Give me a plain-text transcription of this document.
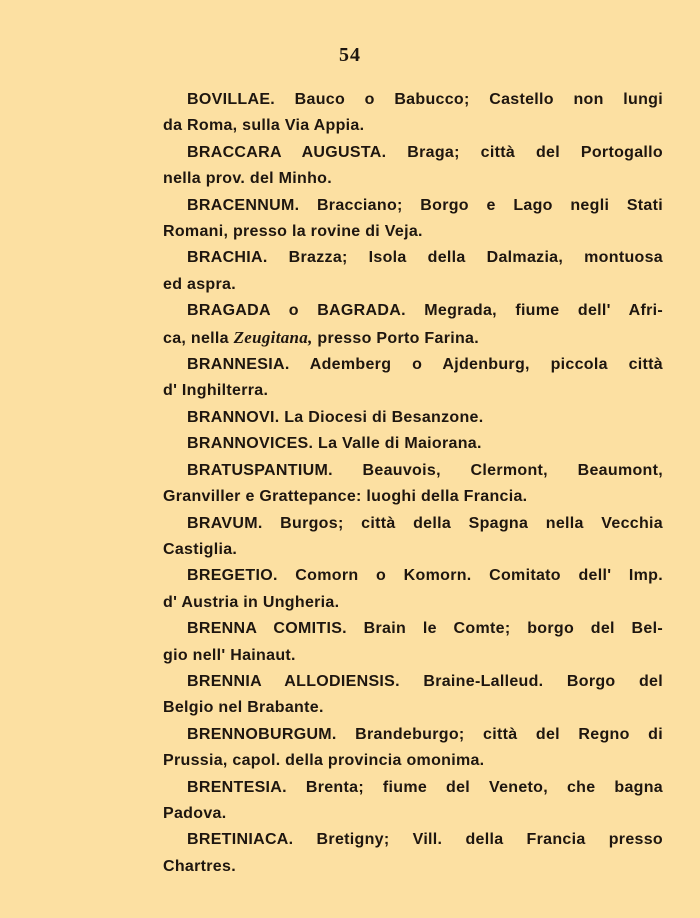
54

BOVILLAE. Bauco o Babucco; Castello non lungi
da Roma, sulla Via Appia.

BRACCARA AUGUSTA. Braga; città del Portogallo
nella prov. del Minho.

BRACENNUM. Bracciano; Borgo e Lago negli Stati
Romani, presso la rovine di Veja.

BRACHIA. Brazza; Isola della Dalmazia, montuosa
ed aspra.

BRAGADA o BAGRADA. Megrada, fiume dell' Afri-
ca, nella Zeugitana, presso Porto Farina.

BRANNESIA. Ademberg o Ajdenburg, piccola città
d' Inghilterra.

BRANNOVI. La Diocesi di Besanzone.

BRANNOVICES. La Valle di Maiorana.

BRATUSPANTIUM. Beauvois, Clermont, Beaumont,
Granviller e Grattepance: luoghi della Francia.

BRAVUM. Burgos; città della Spagna nella Vecchia
Castiglia.

BREGETIO. Comorn o Komorn. Comitato dell' Imp.
d' Austria in Ungheria.

BRENNA COMITIS. Brain le Comte; borgo del Bel-
gio nell' Hainaut.

BRENNIA ALLODIENSIS. Braine-Lalleud. Borgo del
Belgio nel Brabante.

BRENNOBURGUM. Brandeburgo; città del Regno di
Prussia, capol. della provincia omonima.

BRENTESIA. Brenta; fiume del Veneto, che bagna
Padova.

BRETINIACA. Bretigny; Vill. della Francia presso
Chartres.
